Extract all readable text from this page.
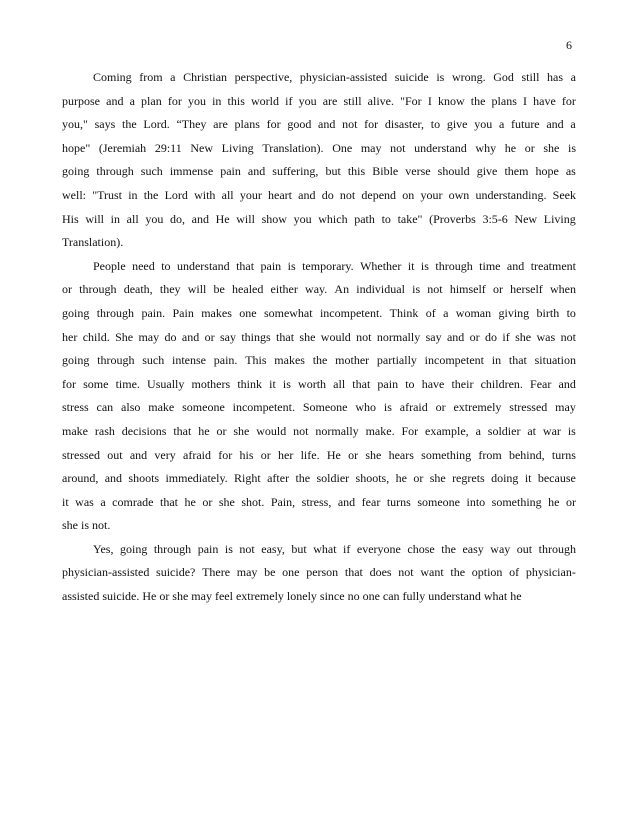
6
Coming from a Christian perspective, physician-assisted suicide is wrong. God still has a
purpose and a plan for you in this world if you are still alive. "For I know the plans I have for
you," says the Lord. “They are plans for good and not for disaster, to give you a future and a
hope" (Jeremiah 29:11 New Living Translation). One may not understand why he or she is
going through such immense pain and suffering, but this Bible verse should give them hope as
well: "Trust in the Lord with all your heart and do not depend on your own understanding. Seek
His will in all you do, and He will show you which path to take" (Proverbs 3:5-6 New Living
Translation).
People need to understand that pain is temporary. Whether it is through time and treatment
or through death, they will be healed either way. An individual is not himself or herself when
going through pain. Pain makes one somewhat incompetent. Think of a woman giving birth to
her child. She may do and or say things that she would not normally say and or do if she was not
going through such intense pain. This makes the mother partially incompetent in that situation
for some time. Usually mothers think it is worth all that pain to have their children. Fear and
stress can also make someone incompetent. Someone who is afraid or extremely stressed may
make rash decisions that he or she would not normally make. For example, a soldier at war is
stressed out and very afraid for his or her life. He or she hears something from behind, turns
around, and shoots immediately. Right after the soldier shoots, he or she regrets doing it because
it was a comrade that he or she shot. Pain, stress, and fear turns someone into something he or
she is not.
Yes, going through pain is not easy, but what if everyone chose the easy way out through
physician-assisted suicide? There may be one person that does not want the option of physician-
assisted suicide. He or she may feel extremely lonely since no one can fully understand what he
